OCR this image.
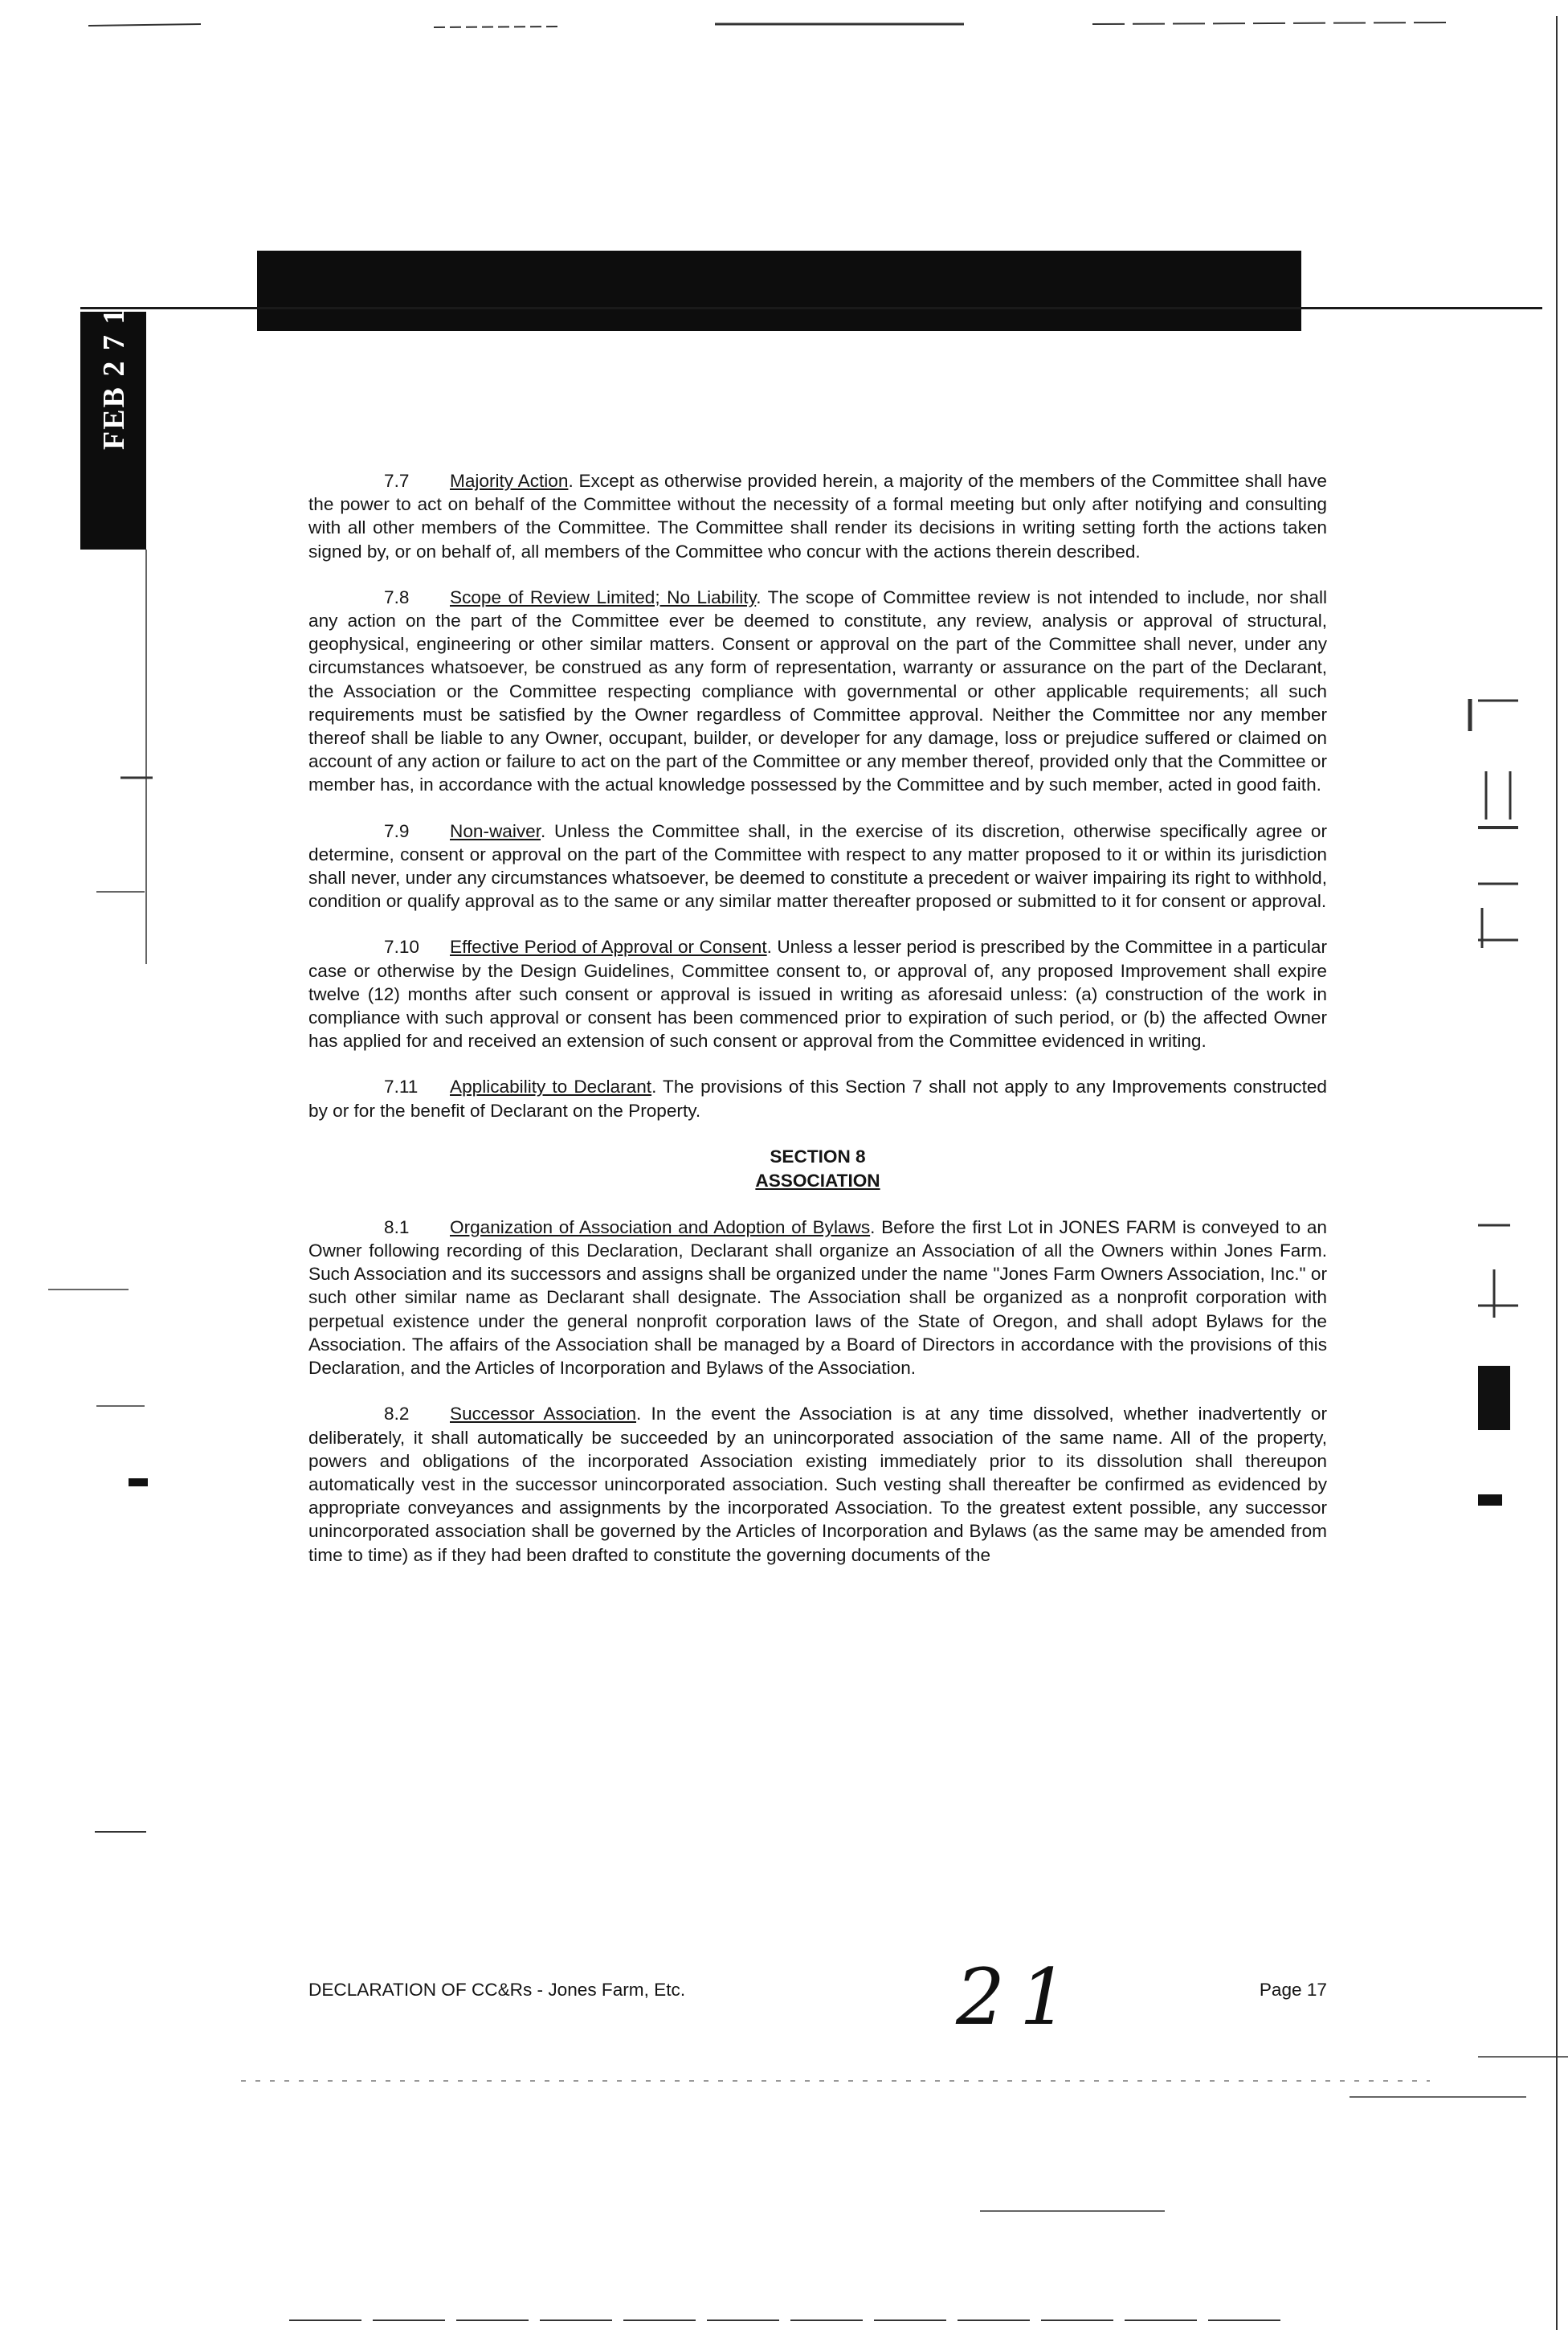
FEB 2 7 1997

7.7 Majority Action. Except as otherwise provided herein, a majority of the members of the Committee shall have the power to act on behalf of the Committee without the necessity of a formal meeting but only after notifying and consulting with all other members of the Committee. The Committee shall render its decisions in writing setting forth the actions taken signed by, or on behalf of, all members of the Committee who concur with the actions therein described.

7.8 Scope of Review Limited; No Liability. The scope of Committee review is not intended to include, nor shall any action on the part of the Committee ever be deemed to constitute, any review, analysis or approval of structural, geophysical, engineering or other similar matters. Consent or approval on the part of the Committee shall never, under any circumstances whatsoever, be construed as any form of representation, warranty or assurance on the part of the Declarant, the Association or the Committee respecting compliance with governmental or other applicable requirements; all such requirements must be satisfied by the Owner regardless of Committee approval. Neither the Committee nor any member thereof shall be liable to any Owner, occupant, builder, or developer for any damage, loss or prejudice suffered or claimed on account of any action or failure to act on the part of the Committee or any member thereof, provided only that the Committee or member has, in accordance with the actual knowledge possessed by the Committee and by such member, acted in good faith.

7.9 Non-waiver. Unless the Committee shall, in the exercise of its discretion, otherwise specifically agree or determine, consent or approval on the part of the Committee with respect to any matter proposed to it or within its jurisdiction shall never, under any circumstances whatsoever, be deemed to constitute a precedent or waiver impairing its right to withhold, condition or qualify approval as to the same or any similar matter thereafter proposed or submitted to it for consent or approval.

7.10 Effective Period of Approval or Consent. Unless a lesser period is prescribed by the Committee in a particular case or otherwise by the Design Guidelines, Committee consent to, or approval of, any proposed Improvement shall expire twelve (12) months after such consent or approval is issued in writing as aforesaid unless: (a) construction of the work in compliance with such approval or consent has been commenced prior to expiration of such period, or (b) the affected Owner has applied for and received an extension of such consent or approval from the Committee evidenced in writing.

7.11 Applicability to Declarant. The provisions of this Section 7 shall not apply to any Improvements constructed by or for the benefit of Declarant on the Property.

SECTION 8
ASSOCIATION

8.1 Organization of Association and Adoption of Bylaws. Before the first Lot in JONES FARM is conveyed to an Owner following recording of this Declaration, Declarant shall organize an Association of all the Owners within Jones Farm. Such Association and its successors and assigns shall be organized under the name "Jones Farm Owners Association, Inc." or such other similar name as Declarant shall designate. The Association shall be organized as a nonprofit corporation with perpetual existence under the general nonprofit corporation laws of the State of Oregon, and shall adopt Bylaws for the Association. The affairs of the Association shall be managed by a Board of Directors in accordance with the provisions of this Declaration, and the Articles of Incorporation and Bylaws of the Association.

8.2 Successor Association. In the event the Association is at any time dissolved, whether inadvertently or deliberately, it shall automatically be succeeded by an unincorporated association of the same name. All of the property, powers and obligations of the incorporated Association existing immediately prior to its dissolution shall thereupon automatically vest in the successor unincorporated association. Such vesting shall thereafter be confirmed as evidenced by appropriate conveyances and assignments by the incorporated Association. To the greatest extent possible, any successor unincorporated association shall be governed by the Articles of Incorporation and Bylaws (as the same may be amended from time to time) as if they had been drafted to constitute the governing documents of the

DECLARATION OF CC&Rs - Jones Farm, Etc.	Page 17
21
